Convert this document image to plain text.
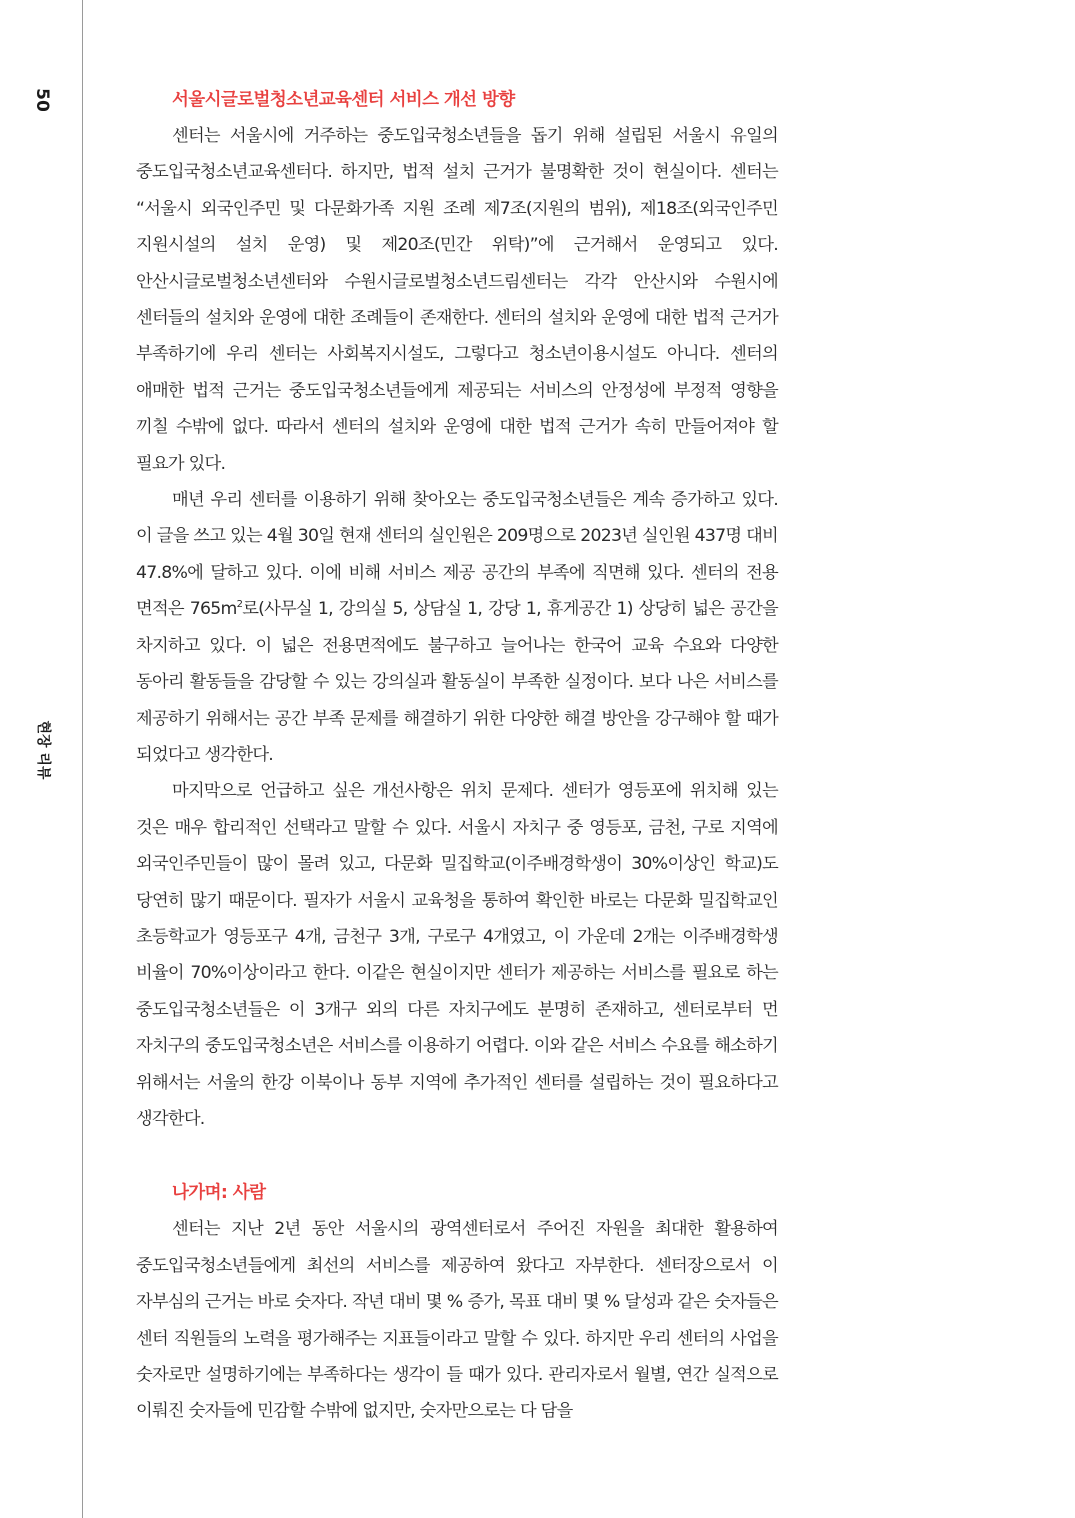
50
현장 리뷰
서울시글로벌청소년교육센터 서비스 개선 방향

센터는 서울시에 거주하는 중도입국청소년들을 돕기 위해 설립된 서울시 유일의 중도입국청소년교육센터다. 하지만, 법적 설치 근거가 불명확한 것이 현실이다. 센터는 “서울시 외국인주민 및 다문화가족 지원 조례 제7조(지원의 범위), 제18조(외국인주민 지원시설의 설치 운영) 및 제20조(민간 위탁)”에 근거해서 운영되고 있다. 안산시글로벌청소년센터와 수원시글로벌청소년드림센터는 각각 안산시와 수원시에 센터들의 설치와 운영에 대한 조례들이 존재한다. 센터의 설치와 운영에 대한 법적 근거가 부족하기에 우리 센터는 사회복지시설도, 그렇다고 청소년이용시설도 아니다. 센터의 애매한 법적 근거는 중도입국청소년들에게 제공되는 서비스의 안정성에 부정적 영향을 끼칠 수밖에 없다. 따라서 센터의 설치와 운영에 대한 법적 근거가 속히 만들어져야 할 필요가 있다.

매년 우리 센터를 이용하기 위해 찾아오는 중도입국청소년들은 계속 증가하고 있다. 이 글을 쓰고 있는 4월 30일 현재 센터의 실인원은 209명으로 2023년 실인원 437명 대비 47.8%에 달하고 있다. 이에 비해 서비스 제공 공간의 부족에 직면해 있다. 센터의 전용 면적은 $765m^2$로(사무실 1, 강의실 5, 상담실 1, 강당 1, 휴게공간 1) 상당히 넓은 공간을 차지하고 있다. 이 넓은 전용면적에도 불구하고 늘어나는 한국어 교육 수요와 다양한 동아리 활동들을 감당할 수 있는 강의실과 활동실이 부족한 실정이다. 보다 나은 서비스를 제공하기 위해서는 공간 부족 문제를 해결하기 위한 다양한 해결 방안을 강구해야 할 때가 되었다고 생각한다.

마지막으로 언급하고 싶은 개선사항은 위치 문제다. 센터가 영등포에 위치해 있는 것은 매우 합리적인 선택라고 말할 수 있다. 서울시 자치구 중 영등포, 금천, 구로 지역에 외국인주민들이 많이 몰려 있고, 다문화 밀집학교(이주배경학생이 30%이상인 학교)도 당연히 많기 때문이다. 필자가 서울시 교육청을 통하여 확인한 바로는 다문화 밀집학교인 초등학교가 영등포구 4개, 금천구 3개, 구로구 4개였고, 이 가운데 2개는 이주배경학생 비율이 70%이상이라고 한다. 이같은 현실이지만 센터가 제공하는 서비스를 필요로 하는 중도입국청소년들은 이 3개구 외의 다른 자치구에도 분명히 존재하고, 센터로부터 먼 자치구의 중도입국청소년은 서비스를 이용하기 어렵다. 이와 같은 서비스 수요를 해소하기 위해서는 서울의 한강 이북이나 동부 지역에 추가적인 센터를 설립하는 것이 필요하다고 생각한다.

나가며: 사람

센터는 지난 2년 동안 서울시의 광역센터로서 주어진 자원을 최대한 활용하여 중도입국청소년들에게 최선의 서비스를 제공하여 왔다고 자부한다. 센터장으로서 이 자부심의 근거는 바로 숫자다. 작년 대비 몇 % 증가, 목표 대비 몇 % 달성과 같은 숫자들은 센터 직원들의 노력을 평가해주는 지표들이라고 말할 수 있다. 하지만 우리 센터의 사업을 숫자로만 설명하기에는 부족하다는 생각이 들 때가 있다. 관리자로서 월별, 연간 실적으로 이뤄진 숫자들에 민감할 수밖에 없지만, 숫자만으로는 다 담을
